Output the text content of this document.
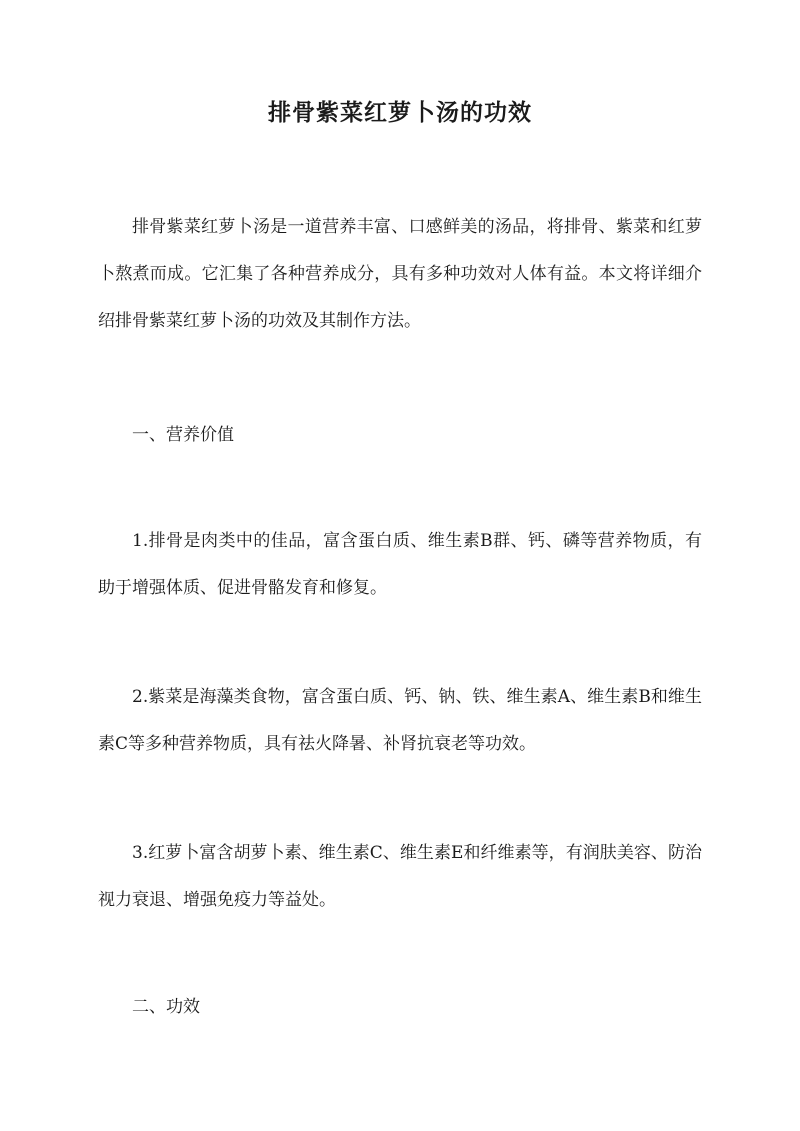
排骨紫菜红萝卜汤的功效

排骨紫菜红萝卜汤是一道营养丰富、口感鲜美的汤品，将排骨、紫菜和红萝卜熬煮而成。它汇集了各种营养成分，具有多种功效对人体有益。本文将详细介绍排骨紫菜红萝卜汤的功效及其制作方法。

一、营养价值

1.排骨是肉类中的佳品，富含蛋白质、维生素B群、钙、磷等营养物质，有助于增强体质、促进骨骼发育和修复。

2.紫菜是海藻类食物，富含蛋白质、钙、钠、铁、维生素A、维生素B和维生素C等多种营养物质，具有祛火降暑、补肾抗衰老等功效。

3.红萝卜富含胡萝卜素、维生素C、维生素E和纤维素等，有润肤美容、防治视力衰退、增强免疫力等益处。

二、功效
